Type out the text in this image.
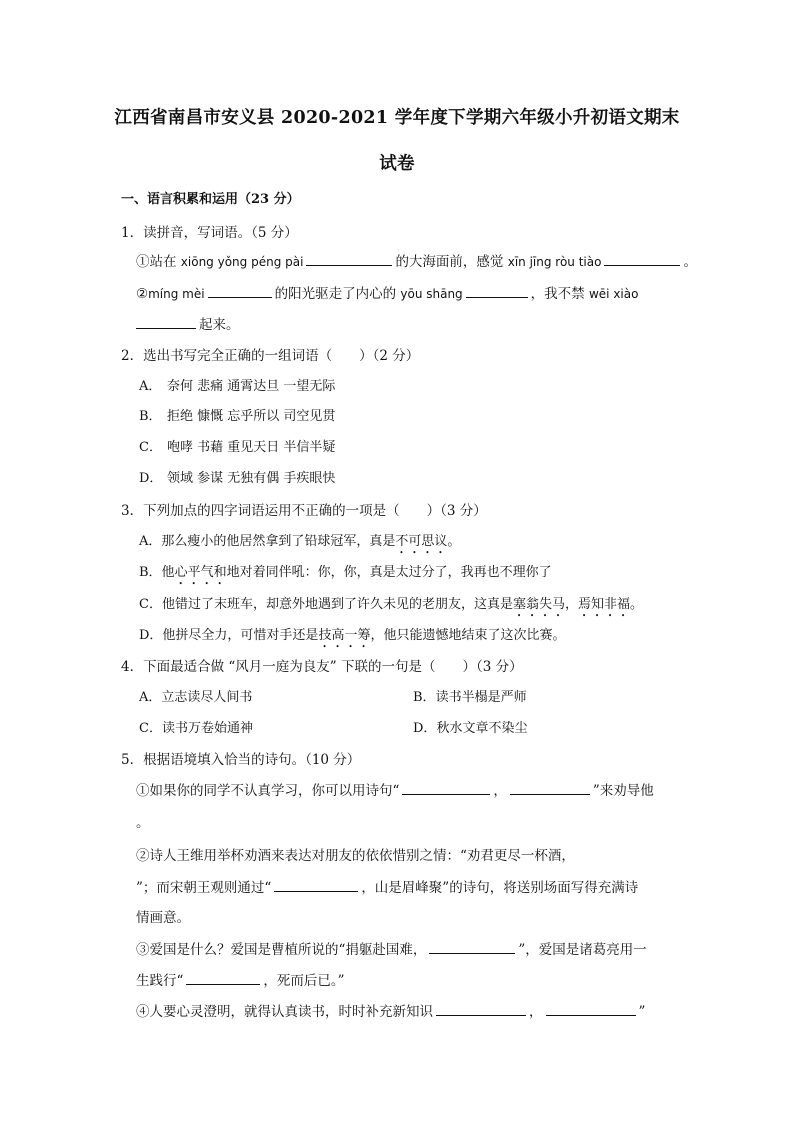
江西省南昌市安义县 2020-2021 学年度下学期六年级小升初语文期末
试卷
一、语言积累和运用（23 分）
1．读拼音，写词语。（5 分）
①站在 xiōng yǒng péng pài	的大海面前，感觉 xīn jīng ròu tiào	。
②míng mèi	的阳光驱走了内心的 yōu shāng	，我不禁 wēi xiào
起来。
2．选出书写完全正确的一组词语（　　）（2 分）
A． 奈何 悲痛 通霄达旦 一望无际
B． 拒绝 慷慨 忘乎所以 司空见贯
C． 咆哮 书藉 重见天日 半信半疑
D． 领域 参谋 无独有偶 手疾眼快
3．下列加点的四字词语运用不正确的一项是（　　）（3 分）
A．那么瘦小的他居然拿到了铅球冠军，真是不可思议。
B．他心平气和地对着同伴吼：你，你，真是太过分了，我再也不理你了
C．他错过了末班车，却意外地遇到了许久未见的老朋友，这真是塞翁失马，焉知非福。
D．他拼尽全力，可惜对手还是技高一筹，他只能遗憾地结束了这次比赛。
4．下面最适合做 “风月一庭为良友” 下联的一句是（　　）（3 分）
A．立志读尽人间书	B．读书半榻是严师
C．读书万卷始通神	D．秋水文章不染尘
5．根据语境填入恰当的诗句。（10 分）
①如果你的同学不认真学习，你可以用诗句“	，	”来劝导他
。
②诗人王维用举杯劝酒来表达对朋友的依依惜别之情：“劝君更尽一杯酒，
”；而宋朝王观则通过“	，山是眉峰聚”的诗句，将送别场面写得充满诗
情画意。
③爱国是什么？爱国是曹植所说的“捐躯赴国难，	”，爱国是诸葛亮用一
生践行“	，死而后已。”
④人要心灵澄明，就得认真读书，时时补充新知识	，	”
